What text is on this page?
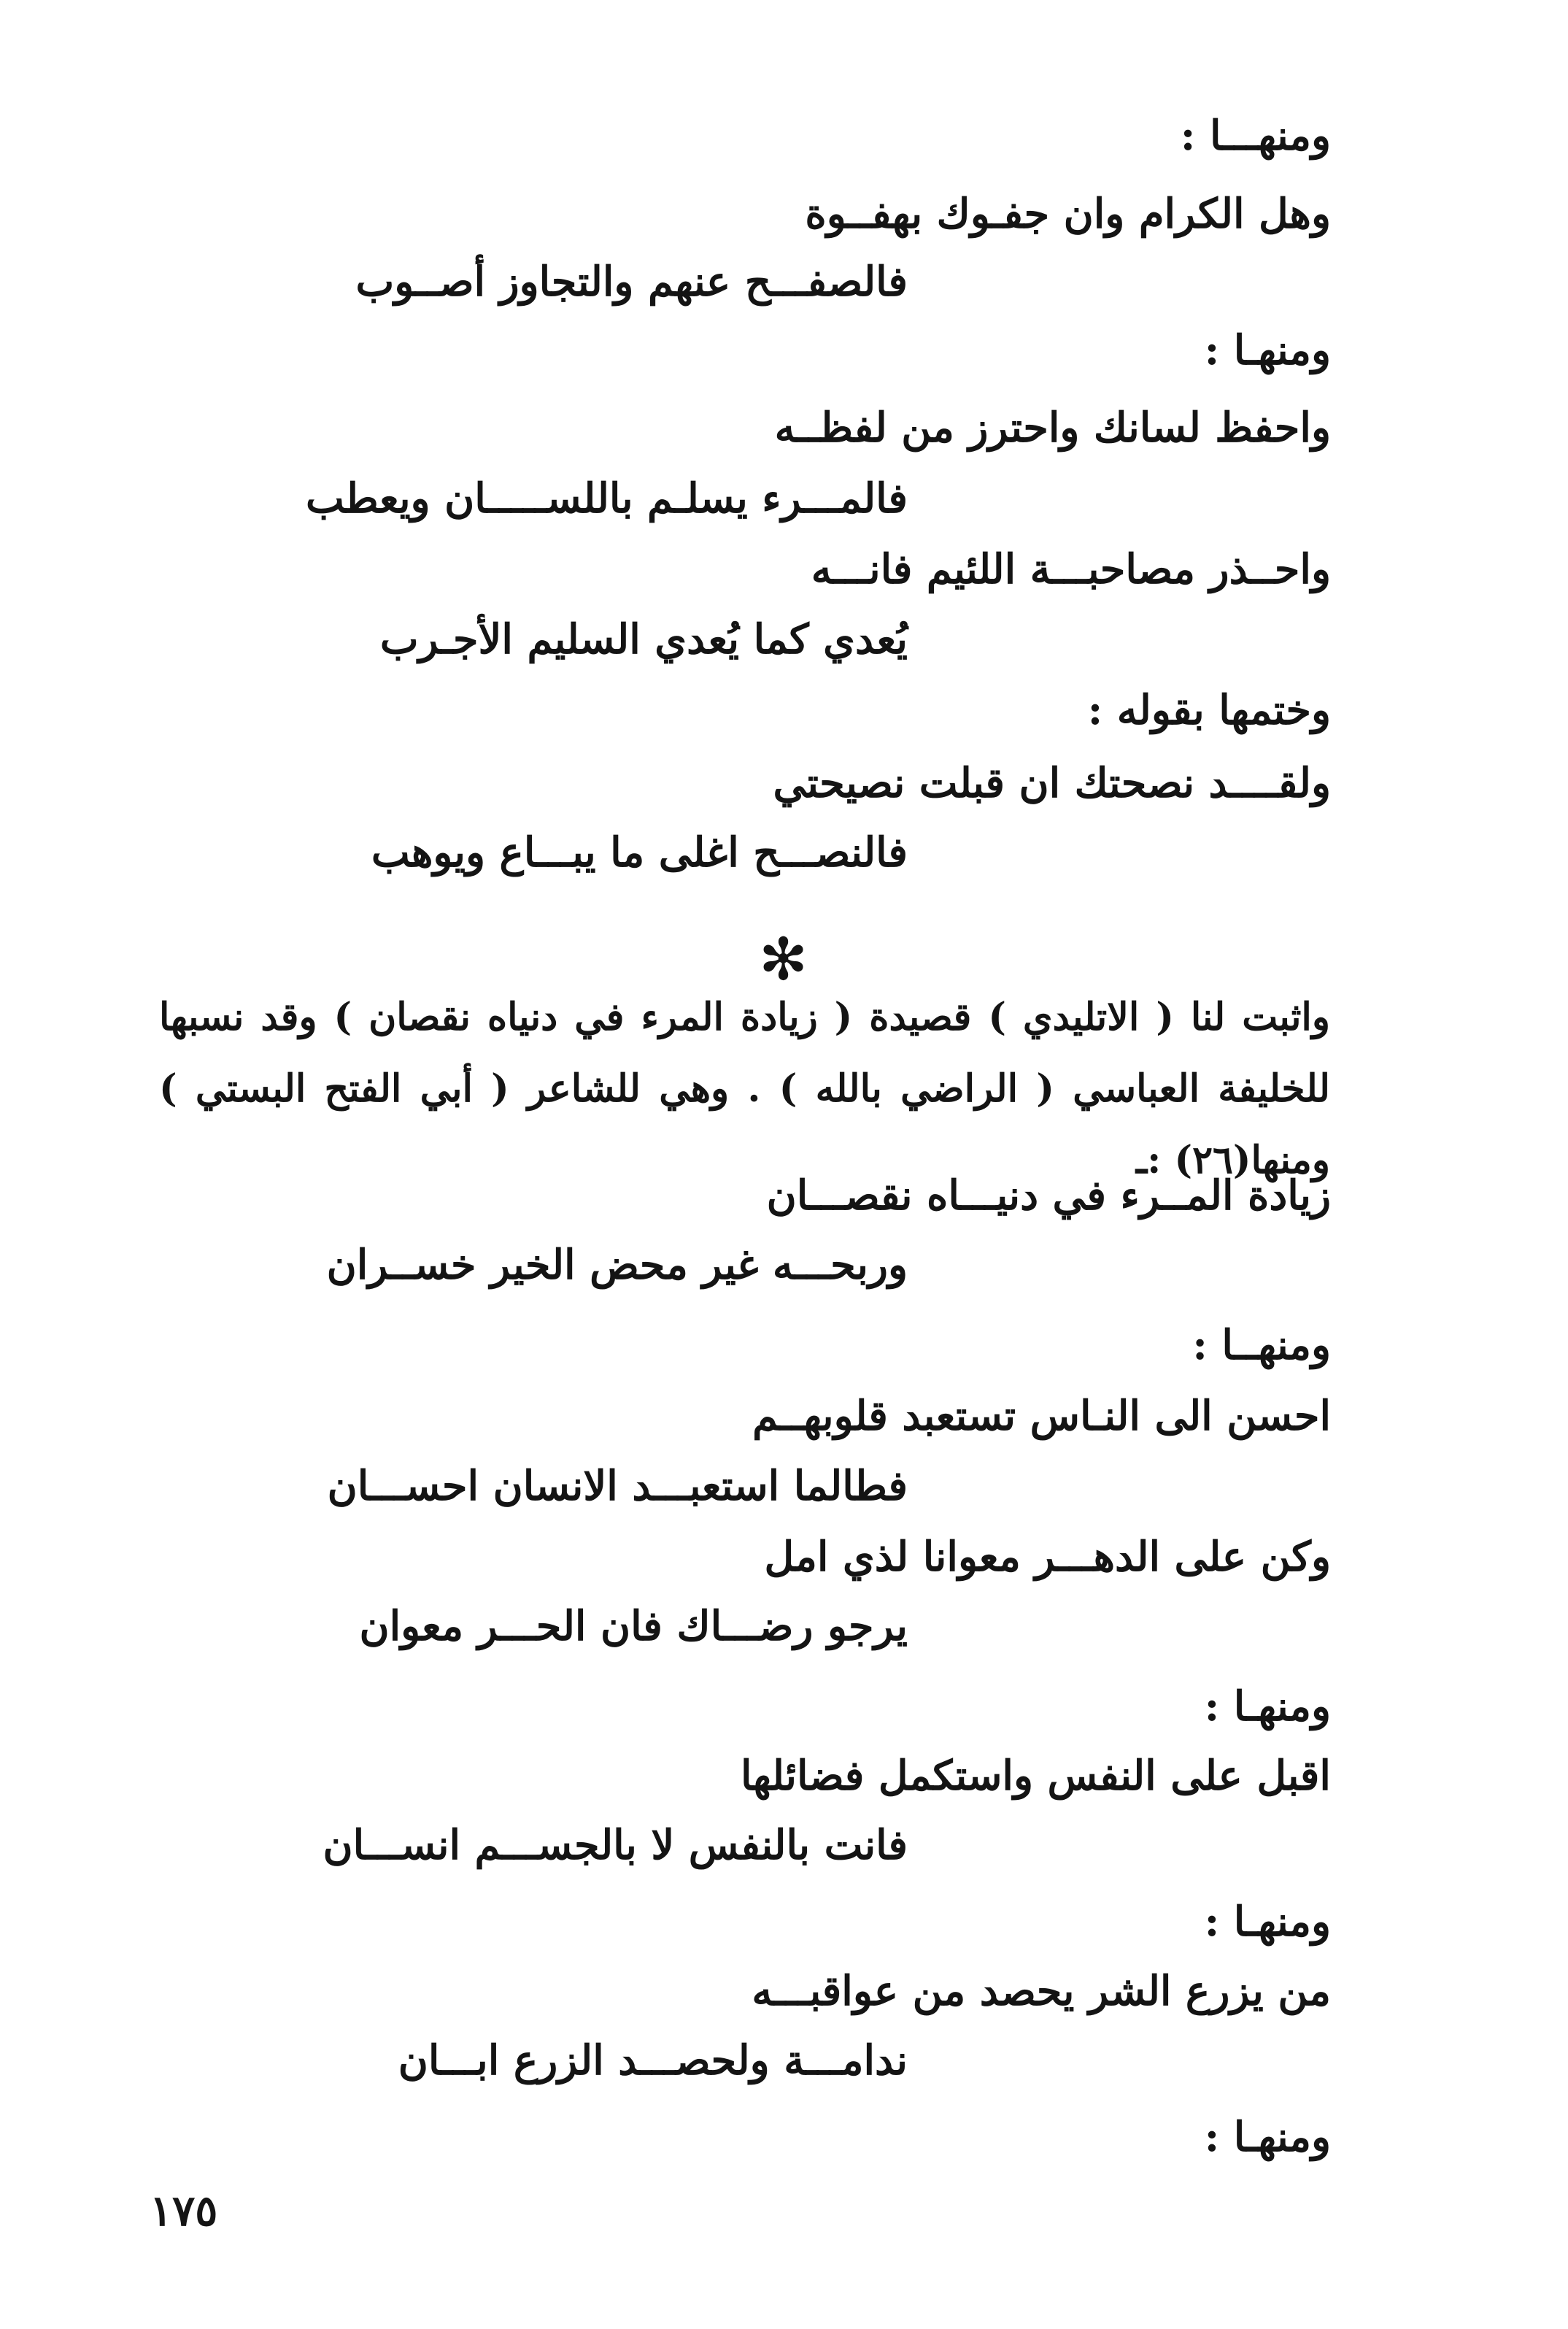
ومنهـــا :
وهل الكرام وان جفـوك بهفــوة
فالصفـــح عنهم والتجاوز أصــوب
ومنهـا :
واحفظ لسانك واحترز من لفظــه
فالمـــرء يسلـم باللســـــان ويعطب
واحــذر مصاحبـــة اللئيم فانـــه
يُعدي كما يُعدي السليم الأجـرب
وختمها بقوله :
ولقــــد نصحتك ان قبلت نصيحتي
فالنصـــح اغلى ما يبـــاع ويوهب
✻
واثبت لنا ( الاتليدي ) قصيدة ( زيادة المرء في دنياه نقصان ) وقد نسبها للخليفة العباسي ( الراضي بالله ) . وهي للشاعر ( أبي الفتح البستي ) ومنها(٢٦) :ـ
زيادة المــرء في دنيـــاه نقصـــان
وربحـــه غير محض الخير خســران
ومنهــا :
احسن الى النـاس تستعبد قلوبهــم
فطالما استعبـــد الانسان احســـان
وكن على الدهـــر معوانا لذي امل
يرجو رضـــاك فان الحـــر معوان
ومنهـا :
اقبل على النفس واستكمل فضائلها
فانت بالنفس لا بالجســـم انســـان
ومنهـا :
من يزرع الشر يحصد من عواقبـــه
ندامـــة ولحصـــد الزرع ابـــان
ومنهـا :
١٧٥
